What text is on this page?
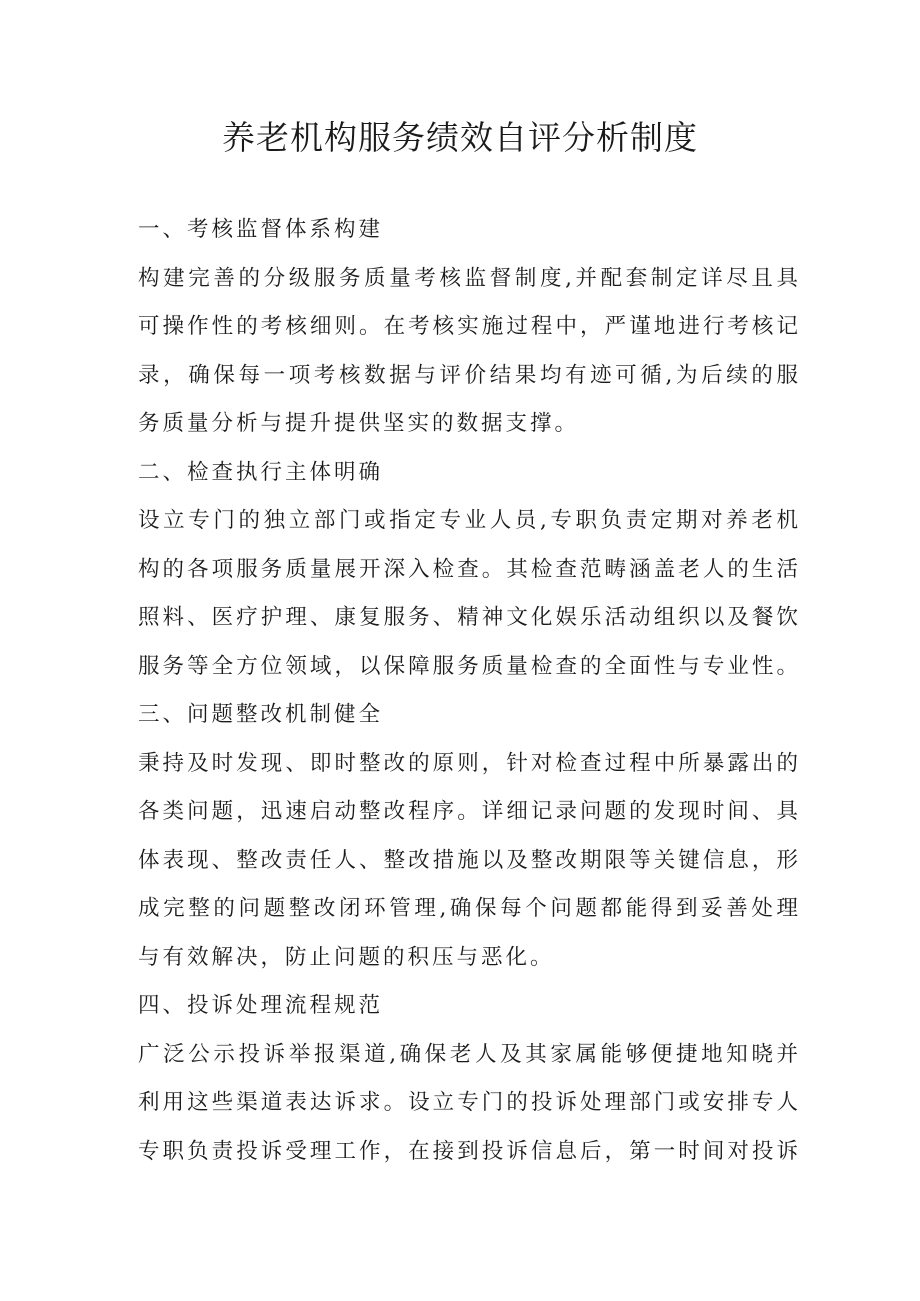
养老机构服务绩效自评分析制度
一、考核监督体系构建
构建完善的分级服务质量考核监督制度,并配套制定详尽且具
可操作性的考核细则。在考核实施过程中，严谨地进行考核记
录，确保每一项考核数据与评价结果均有迹可循,为后续的服
务质量分析与提升提供坚实的数据支撑。
二、检查执行主体明确
设立专门的独立部门或指定专业人员,专职负责定期对养老机
构的各项服务质量展开深入检查。其检查范畴涵盖老人的生活
照料、医疗护理、康复服务、精神文化娱乐活动组织以及餐饮
服务等全方位领域，以保障服务质量检查的全面性与专业性。
三、问题整改机制健全
秉持及时发现、即时整改的原则，针对检查过程中所暴露出的
各类问题，迅速启动整改程序。详细记录问题的发现时间、具
体表现、整改责任人、整改措施以及整改期限等关键信息，形
成完整的问题整改闭环管理,确保每个问题都能得到妥善处理
与有效解决，防止问题的积压与恶化。
四、投诉处理流程规范
广泛公示投诉举报渠道,确保老人及其家属能够便捷地知晓并
利用这些渠道表达诉求。设立专门的投诉处理部门或安排专人
专职负责投诉受理工作，在接到投诉信息后，第一时间对投诉
